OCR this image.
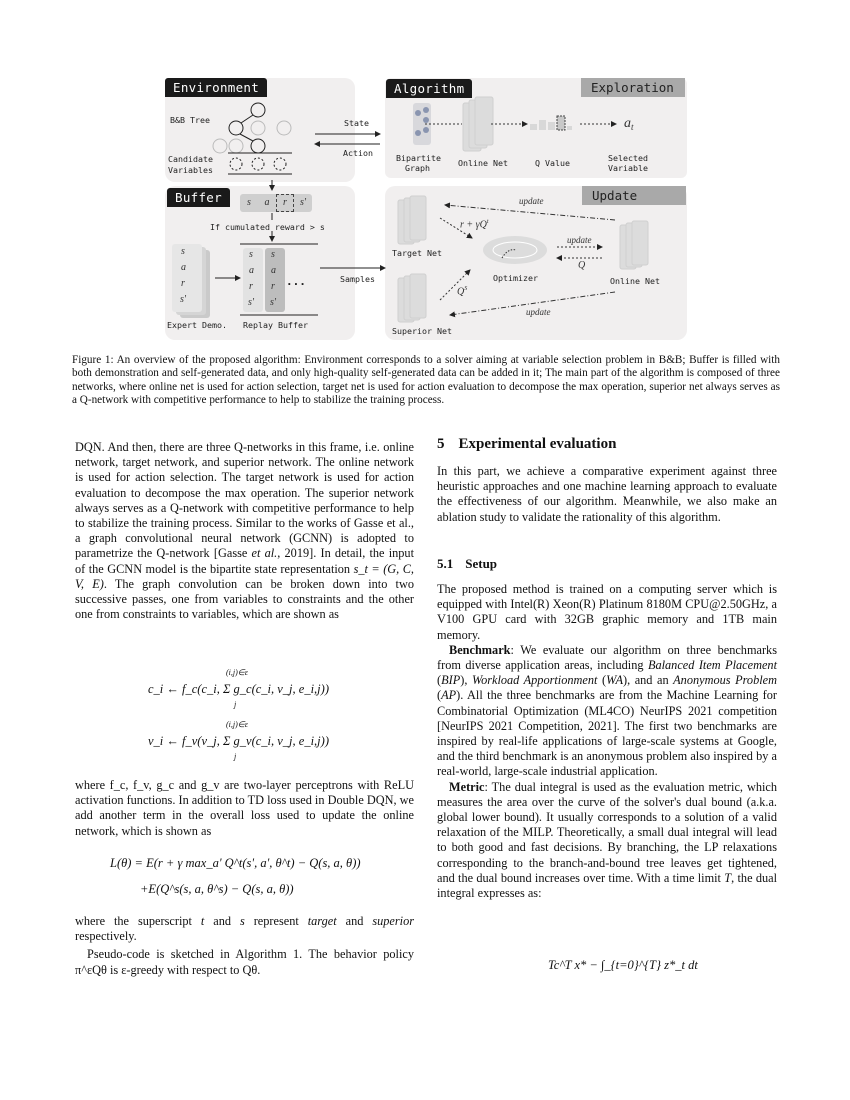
Environment
B&B Tree
Candidate
Variables
Algorithm	Exploration
Bipartite
Graph	Online Net	Q Value	Selected
Variable
$a_t$
Buffer
If cumulated reward > s
Expert Demo. Replay Buffer
...
s	a	r	s'
s
a
r
s'
s
a
r
s'
s
a
r
s'
Update
Target Net
Superior Net
Optimizer	Online Net
update
update
update
Q
$r + \gamma Q^t$
$Q^S$
State
Action
Samples
Figure 1: An overview of the proposed algorithm: Environment corresponds to a solver aiming at variable selection problem in B&B; Buffer is filled with both demonstration and self-generated data, and only high-quality self-generated data can be added in it; The main part of the algorithm is composed of three networks, where online net is used for action selection, target net is used for action evaluation to decompose the max operation, superior net always serves as a Q-network with competitive performance to help to stabilize the training process.

DQN. And then, there are three Q-networks in this frame, i.e. online network, target network, and superior network. The online network is used for action selection. The target network is used for action evaluation to decompose the max operation. The superior network always serves as a Q-network with competitive performance to help to stabilize the training process. Similar to the works of Gasse et al., a graph convolutional neural network (GCNN) is adopted to parametrize the Q-network [Gasse et al., 2019]. In detail, the input of the GCNN model is the bipartite state representation s_t = (G, C, V, E). The graph convolution can be broken down into two successive passes, one from variables to constraints and the other one from constraints to variables, which are shown as

c_i ← f_c(c_i, Σ g_c(c_i, v_j, e_i,j))
(i,j)∈ε
j
v_i ← f_v(v_j, Σ g_v(c_i, v_j, e_i,j))
(i,j)∈ε
j

where f_c, f_v, g_c and g_v are two-layer perceptrons with ReLU activation functions. In addition to TD loss used in Double DQN, we add another term in the overall loss used to update the online network, which is shown as

L(θ) = E(r + γ max_a' Q^t(s', a', θ^t) − Q(s, a, θ))
+E(Q^s(s, a, θ^s) − Q(s, a, θ))

where the superscript t and s represent target and superior respectively.

Pseudo-code is sketched in Algorithm 1. The behavior policy π^εQθ is ε-greedy with respect to Qθ.

5 Experimental evaluation

In this part, we achieve a comparative experiment against three heuristic approaches and one machine learning approach to evaluate the effectiveness of our algorithm. Meanwhile, we also make an ablation study to validate the rationality of this algorithm.

5.1 Setup

The proposed method is trained on a computing server which is equipped with Intel(R) Xeon(R) Platinum 8180M CPU@2.50GHz, a V100 GPU card with 32GB graphic memory and 1TB main memory.

Benchmark: We evaluate our algorithm on three benchmarks from diverse application areas, including Balanced Item Placement (BIP), Workload Apportionment (WA), and an Anonymous Problem (AP). All the three benchmarks are from the Machine Learning for Combinatorial Optimization (ML4CO) NeurIPS 2021 competition [NeurIPS 2021 Competition, 2021]. The first two benchmarks are inspired by real-life applications of large-scale systems at Google, and the third benchmark is an anonymous problem also inspired by a real-world, large-scale industrial application.

Metric: The dual integral is used as the evaluation metric, which measures the area over the curve of the solver's dual bound (a.k.a. global lower bound). It usually corresponds to a solution of a valid relaxation of the MILP. Theoretically, a small dual integral will lead to both good and fast decisions. By branching, the LP relaxations corresponding to the branch-and-bound tree leaves get tightened, and the dual bound increases over time. With a time limit T, the dual integral expresses as:

Tc^T x* − ∫_{t=0}^{T} z*_t dt
